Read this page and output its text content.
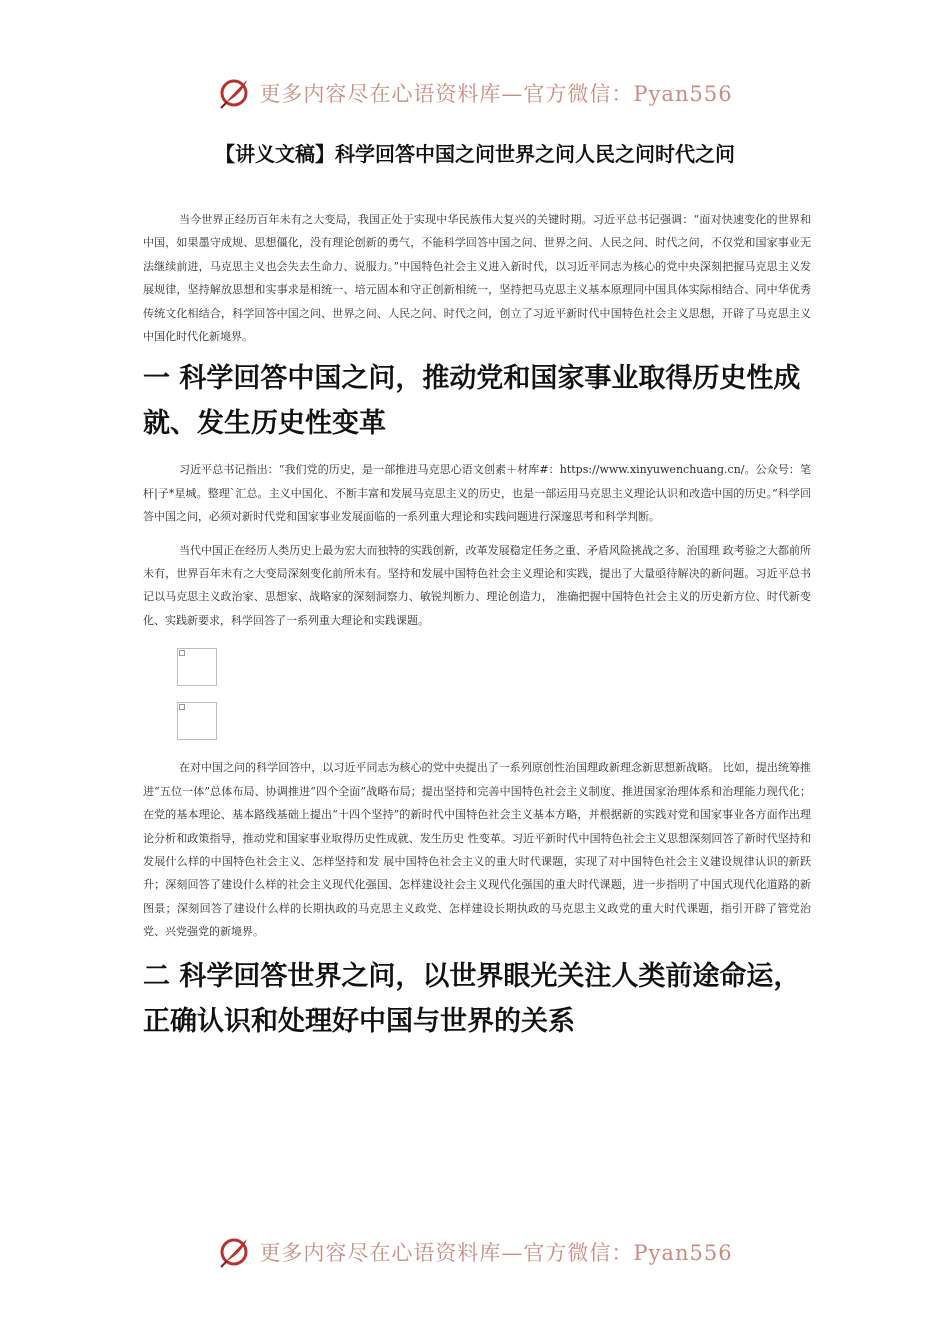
更多内容尽在心语资料库—官方微信：Pyan556
【讲义文稿】科学回答中国之问世界之问人民之问时代之问

当今世界正经历百年未有之大变局，我国正处于实现中华民族伟大复兴的关键时期。习近平总书记强调：“面对快速变化的世界和中国，如果墨守成规、思想僵化，没有理论创新的勇气，不能科学回答中国之问、世界之问、人民之问、时代之问，不仅党和国家事业无法继续前进，马克思主义也会失去生命力、说服力。”中国特色社会主义进入新时代，以习近平同志为核心的党中央深刻把握马克思主义发展规律，坚持解放思想和实事求是相统一、培元固本和守正创新相统一，坚持把马克思主义基本原理同中国具体实际相结合、同中华优秀传统文化相结合，科学回答中国之问、世界之问、人民之问、时代之问，创立了习近平新时代中国特色社会主义思想，开辟了马克思主义中国化时代化新境界。

一 科学回答中国之问，推动党和国家事业取得历史性成就、发生历史性变革

习近平总书记指出：“我们党的历史，是一部推进马克思心语文创素＋材库#：https://www.xinyuwenchuang.cn/。公众号：笔杆|子*星城。整理`汇总。主义中国化、不断丰富和发展马克思主义的历史，也是一部运用马克思主义理论认识和改造中国的历史。”科学回答中国之问，必须对新时代党和国家事业发展面临的一系列重大理论和实践问题进行深邃思考和科学判断。

当代中国正在经历人类历史上最为宏大而独特的实践创新，改革发展稳定任务之重、矛盾风险挑战之多、治国理 政考验之大都前所未有，世界百年未有之大变局深刻变化前所未有。坚持和发展中国特色社会主义理论和实践，提出了大量亟待解决的新问题。习近平总书记以马克思主义政治家、思想家、战略家的深刻洞察力、敏锐判断力、理论创造力， 准确把握中国特色社会主义的历史新方位、时代新变化、实践新要求，科学回答了一系列重大理论和实践课题。

在对中国之问的科学回答中，以习近平同志为核心的党中央提出了一系列原创性治国理政新理念新思想新战略。 比如，提出统筹推进“五位一体”总体布局、协调推进“四个全面”战略布局；提出坚持和完善中国特色社会主义制度、推进国家治理体系和治理能力现代化；在党的基本理论、基本路线基础上提出“十四个坚持”的新时代中国特色社会主义基本方略，并根据新的实践对党和国家事业各方面作出理论分析和政策指导，推动党和国家事业取得历史性成就、发生历史 性变革。习近平新时代中国特色社会主义思想深刻回答了新时代坚持和发展什么样的中国特色社会主义、怎样坚持和发 展中国特色社会主义的重大时代课题，实现了对中国特色社会主义建设规律认识的新跃升；深刻回答了建设什么样的社会主义现代化强国、怎样建设社会主义现代化强国的重大时代课题，进一步指明了中国式现代化道路的新图景；深刻回答了建设什么样的长期执政的马克思主义政党、怎样建设长期执政的马克思主义政党的重大时代课题，指引开辟了管党治党、兴党强党的新境界。

二 科学回答世界之问，以世界眼光关注人类前途命运，正确认识和处理好中国与世界的关系
更多内容尽在心语资料库—官方微信：Pyan556
